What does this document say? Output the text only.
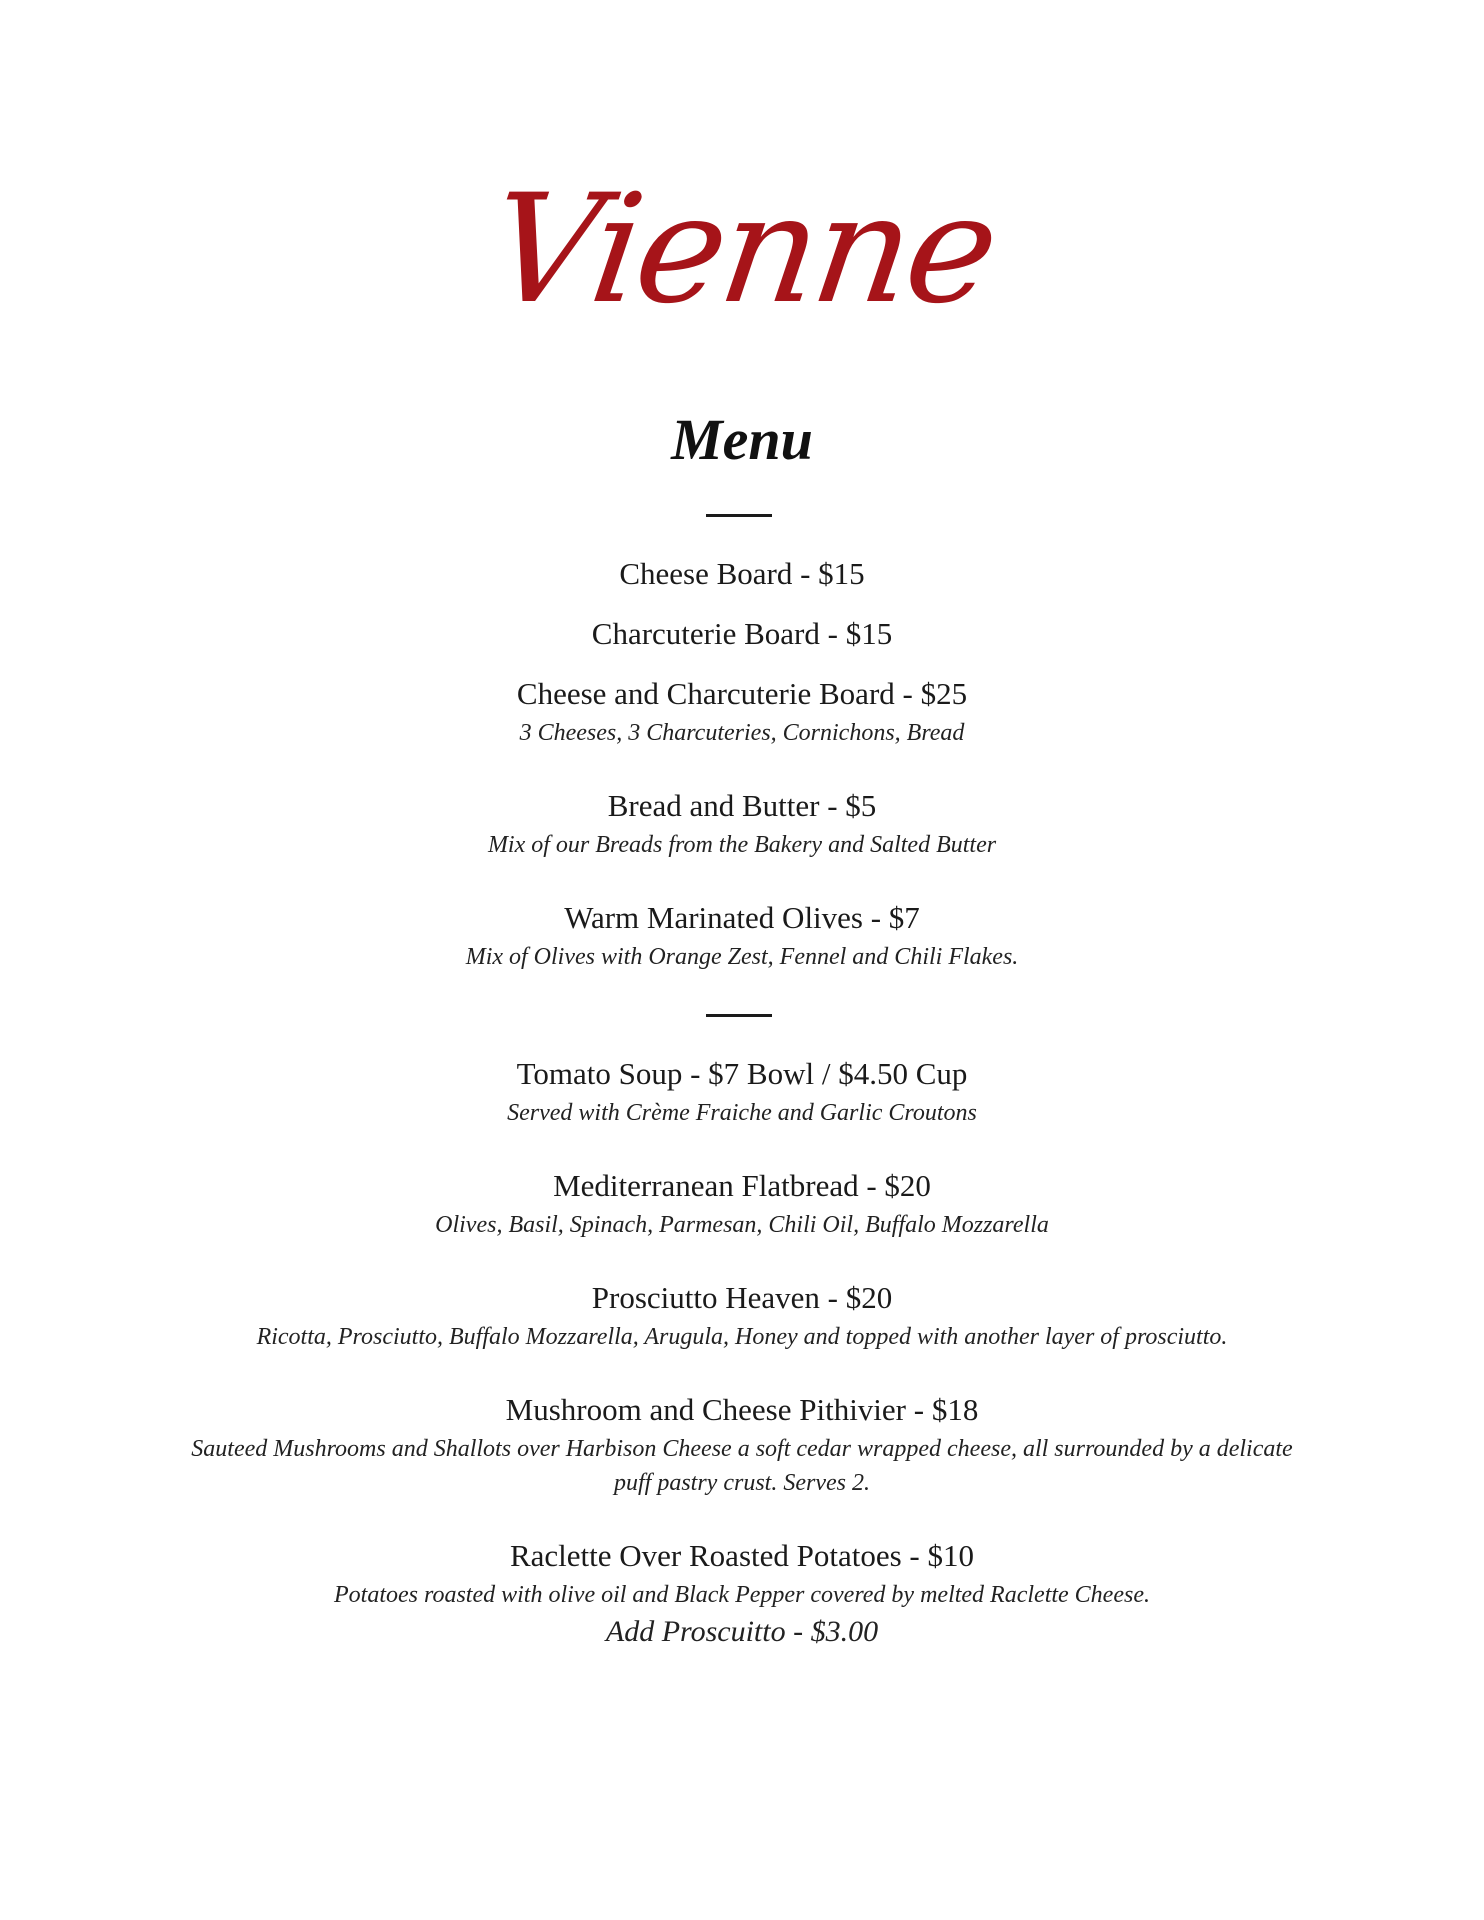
Vienne
Menu
Cheese Board - $15
Charcuterie Board - $15
Cheese and Charcuterie Board - $25
3 Cheeses, 3 Charcuteries, Cornichons, Bread
Bread and Butter - $5
Mix of our Breads from the Bakery and Salted Butter
Warm Marinated Olives - $7
Mix of Olives with Orange Zest, Fennel and Chili Flakes.
Tomato Soup - $7 Bowl / $4.50 Cup
Served with Crème Fraiche and Garlic Croutons
Mediterranean Flatbread - $20
Olives, Basil, Spinach, Parmesan, Chili Oil, Buffalo Mozzarella
Prosciutto Heaven - $20
Ricotta, Prosciutto, Buffalo Mozzarella, Arugula, Honey and topped with another layer of prosciutto.
Mushroom and Cheese Pithivier - $18
Sauteed Mushrooms and Shallots over Harbison Cheese a soft cedar wrapped cheese, all surrounded by a delicate puff pastry crust. Serves 2.
Raclette Over Roasted Potatoes - $10
Potatoes roasted with olive oil and Black Pepper covered by melted Raclette Cheese.
Add Proscuitto - $3.00
